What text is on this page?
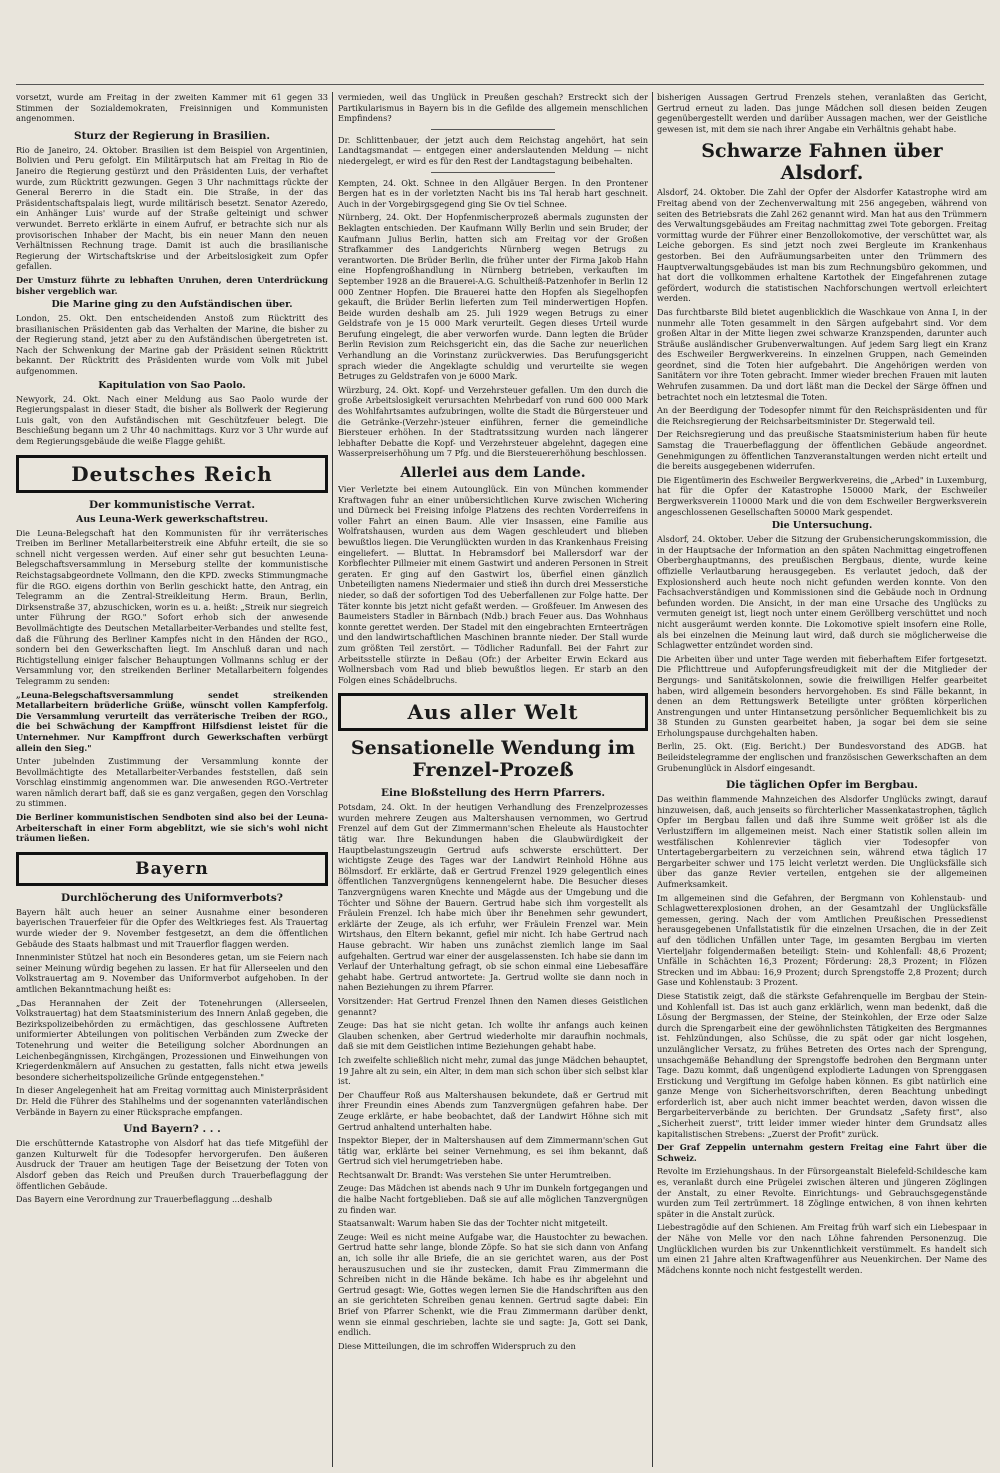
vorsetzt, wurde am Freitag in der zweiten Kammer mit 61 gegen 33 Stimmen der Sozialdemokraten, Freisinnigen und Kommunisten angenommen.

Sturz der Regierung in Brasilien.

Rio de Janeiro, 24. Oktober. Brasilien ist dem Beispiel von Argentinien, Bolivien und Peru gefolgt. Ein Militärputsch hat am Freitag in Rio de Janeiro die Regierung gestürzt und den Präsidenten Luis, der verhaftet wurde, zum Rücktritt gezwungen. Gegen 3 Uhr nachmittags rückte der General Bererro in die Stadt ein. Die Straße, in der das Präsidentschaftspalais liegt, wurde militärisch besetzt. Senator Azeredo, ein Anhänger Luis' wurde auf der Straße gelteinigt und schwer verwundet. Berreto erklärte in einem Aufruf, er betrachte sich nur als provisorischen Inhaber der Macht, bis ein neuer Mann den neuen Verhältnissen Rechnung trage. Damit ist auch die brasilianische Regierung der Wirtschaftskrise und der Arbeitslosigkeit zum Opfer gefallen.

Der Umsturz führte zu lebhaften Unruhen, deren Unterdrückung bisher vergeblich war.

Die Marine ging zu den Aufständischen über.

London, 25. Okt. Den entscheidenden Anstoß zum Rücktritt des brasilianischen Präsidenten gab das Verhalten der Marine, die bisher zu der Regierung stand, jetzt aber zu den Aufständischen übergetreten ist. Nach der Schwenkung der Marine gab der Präsident seinen Rücktritt bekannt. Der Rücktritt des Präsidenten wurde vom Volk mit Jubel aufgenommen.

Kapitulation von Sao Paolo.

Newyork, 24. Okt. Nach einer Meldung aus Sao Paolo wurde der Regierungspalast in dieser Stadt, die bisher als Bollwerk der Regierung Luis galt, von den Aufständischen mit Geschützfeuer belegt. Die Beschießung begann um 2 Uhr 40 nachmittags. Kurz vor 3 Uhr wurde auf dem Regierungsgebäude die weiße Flagge gehißt.

Deutsches Reich
Der kommunistische Verrat.
Aus Leuna-Werk gewerkschaftstreu.

Die Leuna-Belegschaft hat den Kommunisten für ihr verräterisches Treiben im Berliner Metallarbeiterstreik eine Abfuhr erteilt, die sie so schnell nicht vergessen werden. Auf einer sehr gut besuchten Leuna-Belegschaftsversammlung in Merseburg stellte der kommunistische Reichstagsabgeordnete Vollmann, den die KPD. zwecks Stimmungmache für die RGO. eigens dorthin von Berlin geschickt hatte, den Antrag, ein Telegramm an die Zentral-Streikleitung Herm. Braun, Berlin, Dirksenstraße 37, abzuschicken, worin es u. a. heißt: „Streik nur siegreich unter Führung der RGO." Sofort erhob sich der anwesende Bevollmächtigte des Deutschen Metallarbeiter-Verbandes und stellte fest, daß die Führung des Berliner Kampfes nicht in den Händen der RGO., sondern bei den Gewerkschaften liegt. Im Anschluß daran und nach Richtigstellung einiger falscher Behauptungen Vollmanns schlug er der Versammlung vor, den streikenden Berliner Metallarbeitern folgendes Telegramm zu senden:

„Leuna-Belegschaftsversammlung sendet streikenden Metallarbeitern brüderliche Grüße, wünscht vollen Kampferfolg. Die Versammlung verurteilt das verräterische Treiben der RGO., die bei Schwächung der Kampffront Hilfsdienst leistet für die Unternehmer. Nur Kampffront durch Gewerkschaften verbürgt allein den Sieg."

Unter jubelnden Zustimmung der Versammlung konnte der Bevollmächtigte des Metallarbeiter-Verbandes feststellen, daß sein Vorschlag einstimmig angenommen war. Die anwesenden RGO.-Vertreter waren nämlich derart baff, daß sie es ganz vergaßen, gegen den Vorschlag zu stimmen.

Die Berliner kommunistischen Sendboten sind also bei der Leuna-Arbeiterschaft in einer Form abgeblitzt, wie sie sich's wohl nicht träumen ließen.

Bayern
Durchlöcherung des Uniformverbots?

Bayern hält auch heuer an seiner Ausnahme einer besonderen bayerischen Trauerfeier für die Opfer des Weltkrieges fest. Als Trauertag wurde wieder der 9. November festgesetzt, an dem die öffentlichen Gebäude des Staats halbmast und mit Trauerflor flaggen werden.

Innenminister Stützel hat noch ein Besonderes getan, um sie Feiern nach seiner Meinung würdig begehen zu lassen. Er hat für Allerseelen und den Volkstrauertag am 9. November das Uniformverbot aufgehoben. In der amtlichen Bekanntmachung heißt es:

„Das Herannahen der Zeit der Totenehrungen (Allerseelen, Volkstrauertag) hat dem Staatsministerium des Innern Anlaß gegeben, die Bezirkspolizeibehörden zu ermächtigen, das geschlossene Auftreten uniformierter Abteilungen von politischen Verbänden zum Zwecke der Totenehrung und weiter die Beteiligung solcher Abordnungen an Leichenbegängnissen, Kirchgängen, Prozessionen und Einweihungen von Kriegerdenkmälern auf Ansuchen zu gestatten, falls nicht etwa jeweils besondere sicherheitspolizeiliche Gründe entgegenstehen."

In dieser Angelegenheit hat am Freitag vormittag auch Ministerpräsident Dr. Held die Führer des Stahlhelms und der sogenannten vaterländischen Verbände in Bayern zu einer Rücksprache empfangen.

Und Bayern? . . .

Die erschütternde Katastrophe von Alsdorf hat das tiefe Mitgefühl der ganzen Kulturwelt für die Todesopfer hervorgerufen. Den äußeren Ausdruck der Trauer am heutigen Tage der Beisetzung der Toten von Alsdorf geben das Reich und Preußen durch Trauerbeflaggung der öffentlichen Gebäude.

Das Bayern eine Verordnung zur Trauerbeflaggung ...deshalb

vermieden, weil das Unglück in Preußen geschah? Erstreckt sich der Partikularismus in Bayern bis in die Gefilde des allgemein menschlichen Empfindens?

Dr. Schlittenbauer, der jetzt auch dem Reichstag angehört, hat sein Landtagsmandat — entgegen einer anderslautenden Meldung — nicht niedergelegt, er wird es für den Rest der Landtagstagung beibehalten.

Kempten, 24. Okt. Schnee in den Allgäuer Bergen. In den Prontener Bergen hat es in der vorletzten Nacht bis ins Tal herab hart geschneit. Auch in der Vorgebirgsgegend ging Sie Ov tiel Schnee.

Nürnberg, 24. Okt. Der Hopfenmischerprozeß abermals zugunsten der Beklagten entschieden. Der Kaufmann Willy Berlin und sein Bruder, der Kaufmann Julius Berlin, hatten sich am Freitag vor der Großen Strafkammer des Landgerichts Nürnberg wegen Betrugs zu verantworten. Die Brüder Berlin, die früher unter der Firma Jakob Hahn eine Hopfengroßhandlung in Nürnberg betrieben, verkauften im September 1928 an die Brauerei-A.G. Schultheiß-Patzenhofer in Berlin 12 000 Zentner Hopfen. Die Brauerei hatte den Hopfen als Siegelhopfen gekauft, die Brüder Berlin lieferten zum Teil minderwertigen Hopfen. Beide wurden deshalb am 25. Juli 1929 wegen Betrugs zu einer Geldstrafe von je 15 000 Mark verurteilt. Gegen dieses Urteil wurde Berufung eingelegt, die aber verworfen wurde. Dann legten die Brüder Berlin Revision zum Reichsgericht ein, das die Sache zur neuerlichen Verhandlung an die Vorinstanz zurückverwies. Das Berufungsgericht sprach wieder die Angeklagte schuldig und verurteilte sie wegen Betruges zu Geldstrafen von je 6000 Mark.

Würzburg, 24. Okt. Kopf- und Verzehrsteuer gefallen. Um den durch die große Arbeitslosigkeit verursachten Mehrbedarf von rund 600 000 Mark des Wohlfahrtsamtes aufzubringen, wollte die Stadt die Bürgersteuer und die Getränke-(Verzehr-)steuer einführen, ferner die gemeindliche Biersteuer erhöhen. In der Stadtratssitzung wurden nach längerer lebhafter Debatte die Kopf- und Verzehrsteuer abgelehnt, dagegen eine Wasserpreiserhöhung um 7 Pfg. und die Biersteuererhöhung beschlossen.

Allerlei aus dem Lande.

Vier Verletzte bei einem Autounglück. Ein von München kommender Kraftwagen fuhr an einer unübersichtlichen Kurve zwischen Wichering und Dürneck bei Freising infolge Platzens des rechten Vorderreifens in voller Fahrt an einen Baum. Alle vier Insassen, eine Familie aus Wolfratshausen, wurden aus dem Wagen geschleudert und blieben bewußtlos liegen. Die Verunglückten wurden in das Krankenhaus Freising eingeliefert. — Bluttat. In Hebramsdorf bei Mallersdorf war der Korbflechter Pillmeier mit einem Gastwirt und anderen Personen in Streit geraten. Er ging auf den Gastwirt los, überfiel einen gänzlich Unbeteiligten namens Niedermaier und stieß ihn durch drei Messerstiche nieder, so daß der sofortigen Tod des Ueberfallenen zur Folge hatte. Der Täter konnte bis jetzt nicht gefaßt werden. — Großfeuer. Im Anwesen des Baumeisters Stadler in Bärnbach (Ndb.) brach Feuer aus. Das Wohnhaus konnte gerettet werden. Der Stadel mit den eingebrachten Ernteerträgen und den landwirtschaftlichen Maschinen brannte nieder. Der Stall wurde zum größten Teil zerstört. — Tödlicher Radunfall. Bei der Fahrt zur Arbeitsstelle stürzte in Deßau (Ofr.) der Arbeiter Erwin Eckard aus Wollnersbach vom Rad und blieb bewußtlos liegen. Er starb an den Folgen eines Schädelbruchs.

Aus aller Welt
Sensationelle Wendung im Frenzel-Prozeß
Eine Bloßstellung des Herrn Pfarrers.

Potsdam, 24. Okt. In der heutigen Verhandlung des Frenzelprozesses wurden mehrere Zeugen aus Maltershausen vernommen, wo Gertrud Frenzel auf dem Gut der Zimmermann'schen Eheleute als Haustochter tätig war. Ihre Bekundungen haben die Glaubwürdigkeit der Hauptbelastungszeugin Gertrud aufs schwerste erschüttert. Der wichtigste Zeuge des Tages war der Landwirt Reinhold Höhne aus Bölmsdorf. Er erklärte, daß er Gertrud Frenzel 1929 gelegentlich eines öffentlichen Tanzvergnügens kennengelernt habe. Die Besucher dieses Tanzvergnügens waren Knechte und Mägde aus der Umgebung und die Töchter und Söhne der Bauern. Gertrud habe sich ihm vorgestellt als Fräulein Frenzel. Ich habe mich über ihr Benehmen sehr gewundert, erklärte der Zeuge, als ich erfuhr, wer Fräulein Frenzel war. Mein Wirtshaus, den Eltern bekannt, gefiel mir nicht. Ich habe Gertrud nach Hause gebracht. Wir haben uns zunächst ziemlich lange im Saal aufgehalten. Gertrud war einer der ausgelassensten. Ich habe sie dann im Verlauf der Unterhaltung gefragt, ob sie schon einmal eine Liebesaffäre gehabt habe. Gertrud antwortete: Ja. Gertrud wollte sie dann noch in nahen Beziehungen zu ihrem Pfarrer.

Vorsitzender: Hat Gertrud Frenzel Ihnen den Namen dieses Geistlichen genannt?

Zeuge: Das hat sie nicht getan. Ich wollte ihr anfangs auch keinen Glauben schenken, aber Gertrud wiederholte mir daraufhin nochmals, daß sie mit dem Geistlichen intime Beziehungen gehabt habe.

Ich zweifelte schließlich nicht mehr, zumal das junge Mädchen behauptet, 19 Jahre alt zu sein, ein Alter, in dem man sich schon über sich selbst klar ist.

Der Chauffeur Roß aus Maltershausen bekundete, daß er Gertrud mit ihrer Freundin eines Abends zum Tanzvergnügen gefahren habe. Der Zeuge erklärte, er habe beobachtet, daß der Landwirt Höhne sich mit Gertrud anhaltend unterhalten habe.

Inspektor Bieper, der in Maltershausen auf dem Zimmermann'schen Gut tätig war, erklärte bei seiner Vernehmung, es sei ihm bekannt, daß Gertrud sich viel herumgetrieben habe.

Rechtsanwalt Dr. Brandt: Was verstehen Sie unter Herumtreiben.

Zeuge: Das Mädchen ist abends nach 9 Uhr im Dunkeln fortgegangen und die halbe Nacht fortgeblieben. Daß sie auf alle möglichen Tanzvergnügen zu finden war.

Staatsanwalt: Warum haben Sie das der Tochter nicht mitgeteilt.

Zeuge: Weil es nicht meine Aufgabe war, die Haustochter zu bewachen. Gertrud hatte sehr lange, blonde Zöpfe. So hat sie sich dann von Anfang an, ich solle ihr alle Briefe, die an sie gerichtet waren, aus der Post herauszusuchen und sie ihr zustecken, damit Frau Zimmermann die Schreiben nicht in die Hände bekäme. Ich habe es ihr abgelehnt und Gertrud gesagt: Wie, Gottes wegen lernen Sie die Handschriften aus den an sie gerichteten Schreiben genau kennen. Gertrud sagte dabei: Ein Brief von Pfarrer Schenkt, wie die Frau Zimmermann darüber denkt, wenn sie einmal geschrieben, lachte sie und sagte: Ja, Gott sei Dank, endlich.

Diese Mitteilungen, die im schroffen Widerspruch zu den

bisherigen Aussagen Gertrud Frenzels stehen, veranlaßten das Gericht, Gertrud erneut zu laden. Das junge Mädchen soll diesen beiden Zeugen gegenübergestellt werden und darüber Aussagen machen, wer der Geistliche gewesen ist, mit dem sie nach ihrer Angabe ein Verhältnis gehabt habe.

Schwarze Fahnen über Alsdorf.

Alsdorf, 24. Oktober. Die Zahl der Opfer der Alsdorfer Katastrophe wird am Freitag abend von der Zechenverwaltung mit 256 angegeben, während von seiten des Betriebsrats die Zahl 262 genannt wird. Man hat aus den Trümmern des Verwaltungsgebäudes am Freitag nachmittag zwei Tote geborgen. Freitag vormittag wurde der Führer einer Benzollokomotive, der verschüttet war, als Leiche geborgen. Es sind jetzt noch zwei Bergleute im Krankenhaus gestorben. Bei den Aufräumungsarbeiten unter den Trümmern des Hauptverwaltungsgebäudes ist man bis zum Rechnungsbüro gekommen, und hat dort die vollkommen erhaltene Kartothek der Eingefahrenen zutage gefördert, wodurch die statistischen Nachforschungen wertvoll erleichtert werden.

Das furchtbarste Bild bietet augenblicklich die Waschkaue von Anna I, in der nunmehr alle Toten gesammelt in den Särgen aufgebahrt sind. Vor dem großen Altar in der Mitte liegen zwei schwarze Kranzspenden, darunter auch Sträuße ausländischer Grubenverwaltungen. Auf jedem Sarg liegt ein Kranz des Eschweiler Bergwerkvereins. In einzelnen Gruppen, nach Gemeinden geordnet, sind die Toten hier aufgebahrt. Die Angehörigen werden von Sanitätern vor ihre Toten gebracht. Immer wieder brechen Frauen mit lauten Wehrufen zusammen. Da und dort läßt man die Deckel der Särge öffnen und betrachtet noch ein letztesmal die Toten.

An der Beerdigung der Todesopfer nimmt für den Reichspräsidenten und für die Reichsregierung der Reichsarbeitsminister Dr. Stegerwald teil.

Der Reichsregierung und das preußische Staatsministerium haben für heute Samstag die Trauerbeflaggung der öffentlichen Gebäude angeordnet. Genehmigungen zu öffentlichen Tanzveranstaltungen werden nicht erteilt und die bereits ausgegebenen widerrufen.

Die Eigentümerin des Eschweiler Bergwerkvereins, die „Arbed" in Luxemburg, hat für die Opfer der Katastrophe 150000 Mark, der Eschweiler Bergwerksverein 110000 Mark und die von dem Eschweiler Bergwerksverein angeschlossenen Gesellschaften 50000 Mark gespendet.

Die Untersuchung.

Alsdorf, 24. Oktober. Ueber die Sitzung der Grubensicherungskommission, die in der Hauptsache der Information an den späten Nachmittag eingetroffenen Oberberghauptmanns, des preußischen Bergbaus, diente, wurde keine offizielle Verlautbarung herausgegeben. Es verlautet jedoch, daß der Explosionsherd auch heute noch nicht gefunden werden konnte. Von den Fachsachverständigen und Kommissionen sind die Gebäude noch in Ordnung befunden worden. Die Ansicht, in der man eine Ursache des Unglücks zu vermuten geneigt ist, liegt noch unter einem Geröllberg verschüttet und noch nicht ausgeräumt werden konnte. Die Lokomotive spielt insofern eine Rolle, als bei einzelnen die Meinung laut wird, daß durch sie möglicherweise die Schlagwetter entzündet worden sind.

Die Arbeiten über und unter Tage werden mit fieberhaftem Eifer fortgesetzt. Die Pflichttreue und Aufopferungsfreudigkeit mit der die Mitglieder der Bergungs- und Sanitätskolonnen, sowie die freiwilligen Helfer gearbeitet haben, wird allgemein besonders hervorgehoben. Es sind Fälle bekannt, in denen an dem Rettungswerk Beteiligte unter größten körperlichen Anstrengungen und unter Hintansetzung persönlicher Bequemlichkeit bis zu 38 Stunden zu Gunsten gearbeitet haben, ja sogar bei dem sie seine Erholungspause durchgehalten haben.

Berlin, 25. Okt. (Eig. Bericht.) Der Bundesvorstand des ADGB. hat Beileidstelegramme der englischen und französischen Gewerkschaften an dem Grubenunglück in Alsdorf eingesandt.

Die täglichen Opfer im Bergbau.

Das weithin flammende Mahnzeichen des Alsdorfer Unglücks zwingt, darauf hinzuweisen, daß, auch jenseits so fürchterlicher Massenkatastrophen, täglich Opfer im Bergbau fallen und daß ihre Summe weit größer ist als die Verlustziffern im allgemeinen meist. Nach einer Statistik sollen allein im westfälischen Kohlenrevier täglich vier Todesopfer von Untertagebergarbeitern zu verzeichnen sein, während etwa täglich 17 Bergarbeiter schwer und 175 leicht verletzt werden. Die Unglücksfälle sich über das ganze Revier verteilen, entgehen sie der allgemeinen Aufmerksamkeit.

Im allgemeinen sind die Gefahren, der Bergmann von Kohlenstaub- und Schlagwetterexplosionen drohen, an der Gesamtzahl der Unglücksfälle gemessen, gering. Nach der vom Amtlichen Preußischen Pressedienst herausgegebenen Unfallstatistik für die einzelnen Ursachen, die in der Zeit auf den tödlichen Unfällen unter Tage, im gesamten Bergbau im vierten Vierteljahr folgendermaßen beteiligt: Stein- und Kohlenfall: 48,6 Prozent; Unfälle in Schächten 16,3 Prozent; Förderung: 28,3 Prozent; in Flözen Strecken und im Abbau: 16,9 Prozent; durch Sprengstoffe 2,8 Prozent; durch Gase und Kohlenstaub: 3 Prozent.

Diese Statistik zeigt, daß die stärkste Gefahrenquelle im Bergbau der Stein- und Kohlenfall ist. Das ist auch ganz erklärlich, wenn man bedenkt, daß die Lösung der Bergmassen, der Steine, der Steinkohlen, der Erze oder Salze durch die Sprengarbeit eine der gewöhnlichsten Tätigkeiten des Bergmannes ist. Fehlzündungen, also Schüsse, die zu spät oder gar nicht losgehen, unzulänglicher Versatz, zu frühes Betreten des Ortes nach der Sprengung, unsachgemäße Behandlung der Sprengstoffe bedrohen den Bergmann unter Tage. Dazu kommt, daß ungenügend explodierte Ladungen von Sprenggasen Erstickung und Vergiftung im Gefolge haben können. Es gibt natürlich eine ganze Menge von Sicherheitsvorschriften, deren Beachtung unbedingt erforderlich ist, aber auch nicht immer beachtet werden, davon wissen die Bergarbeiterverbände zu berichten. Der Grundsatz „Safety first", also „Sicherheit zuerst", tritt leider immer wieder hinter dem Grundsatz alles kapitalistischen Strebens: „Zuerst der Profit" zurück.

Der Graf Zeppelin unternahm gestern Freitag eine Fahrt über die Schweiz.

Revolte im Erziehungshaus. In der Fürsorgeanstalt Bielefeld-Schildesche kam es, veranlaßt durch eine Prügelei zwischen älteren und jüngeren Zöglingen der Anstalt, zu einer Revolte. Einrichtungs- und Gebrauchsgegenstände wurden zum Teil zertrümmert. 18 Zöglinge entwichen, 8 von ihnen kehrten später in die Anstalt zurück.

Liebestragödie auf den Schienen. Am Freitag früh warf sich ein Liebespaar in der Nähe von Melle vor den nach Löhne fahrenden Personenzug. Die Unglücklichen wurden bis zur Unkenntlichkeit verstümmelt. Es handelt sich um einen 21 Jahre alten Kraftwagenführer aus Neuenkirchen. Der Name des Mädchens konnte noch nicht festgestellt werden.
